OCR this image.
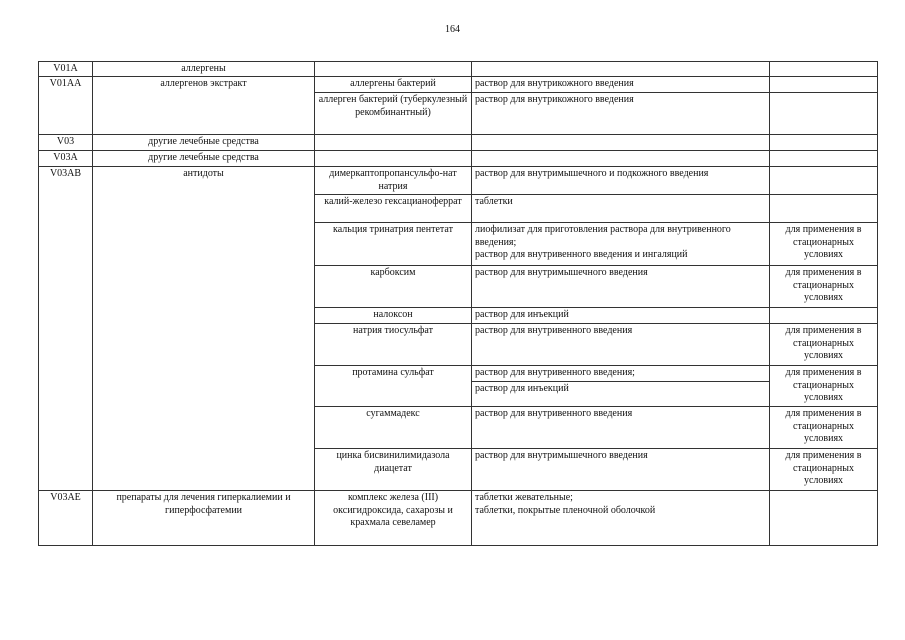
164
V01A	аллергены			
V01AA	аллергенов экстракт	аллергены бактерий	раствор для внутрикожного введения	
		аллерген бактерий (туберкулезный рекомбинантный)	раствор для внутрикожного введения	
V03	другие лечебные средства			
V03A	другие лечебные средства			
V03AB	антидоты	димеркаптопропансульфо-нат натрия	раствор для внутримышечного и подкожного введения	
		калий-железо гексацианоферрат	таблетки	
		кальция тринатрия пентетат	лиофилизат для приготовления раствора для внутривенного введения;
раствор для внутривенного введения и ингаляций	для применения в стационарных условиях
		карбоксим	раствор для внутримышечного введения	для применения в стационарных условиях
		налоксон	раствор для инъекций	
		натрия тиосульфат	раствор для внутривенного введения	для применения в стационарных условиях
		протамина сульфат	раствор для внутривенного введения;
раствор для инъекций	для применения в стационарных условиях
		сугаммадекс	раствор для внутривенного введения	для применения в стационарных условиях
		цинка бисвинилимидазола диацетат	раствор для внутримышечного введения	для применения в стационарных условиях
V03AE	препараты для лечения гиперкалиемии и гиперфосфатемии	комплекс железа (III) оксигидроксида, сахарозы и крахмала севеламер	таблетки жевательные;
таблетки, покрытые пленочной оболочкой	
